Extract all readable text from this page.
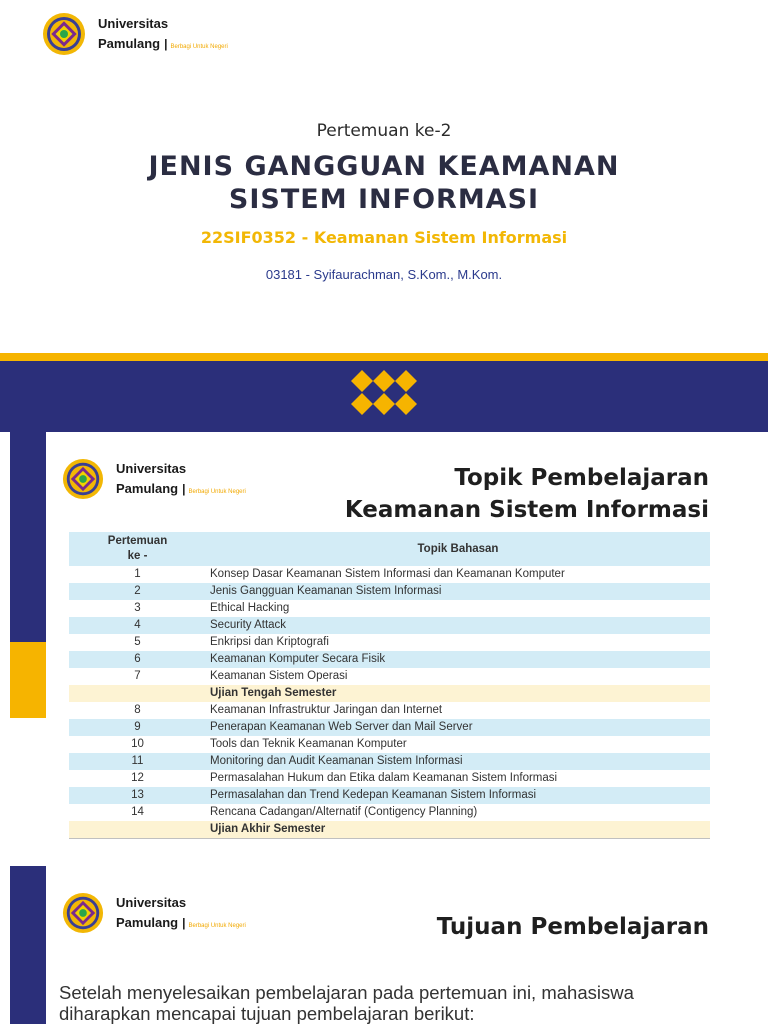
Universitas
Pamulang | Berbagi Untuk Negeri
Pertemuan ke-2
JENIS GANGGUAN KEAMANAN
SISTEM INFORMASI
22SIF0352 - Keamanan Sistem Informasi
03181 - Syifaurachman, S.Kom., M.Kom.
Universitas
Pamulang | Berbagi Untuk Negeri
Topik Pembelajaran
Keamanan Sistem Informasi
Pertemuan
ke -	Topik Bahasan
1	Konsep Dasar Keamanan Sistem Informasi dan Keamanan Komputer
2	Jenis Gangguan Keamanan Sistem Informasi
3	Ethical Hacking
4	Security Attack
5	Enkripsi dan Kriptografi
6	Keamanan Komputer Secara Fisik
7	Keamanan Sistem Operasi
	Ujian Tengah Semester
8	Keamanan Infrastruktur Jaringan dan Internet
9	Penerapan Keamanan Web Server dan Mail Server
10	Tools dan Teknik Keamanan Komputer
11	Monitoring dan Audit Keamanan Sistem Informasi
12	Permasalahan Hukum dan Etika dalam Keamanan Sistem Informasi
13	Permasalahan dan Trend Kedepan Keamanan Sistem Informasi
14	Rencana Cadangan/Alternatif (Contigency Planning)
	Ujian Akhir Semester
Universitas
Pamulang | Berbagi Untuk Negeri	Tujuan Pembelajaran
Setelah menyelesaikan pembelajaran pada pertemuan ini, mahasiswa
diharapkan mencapai tujuan pembelajaran berikut:
